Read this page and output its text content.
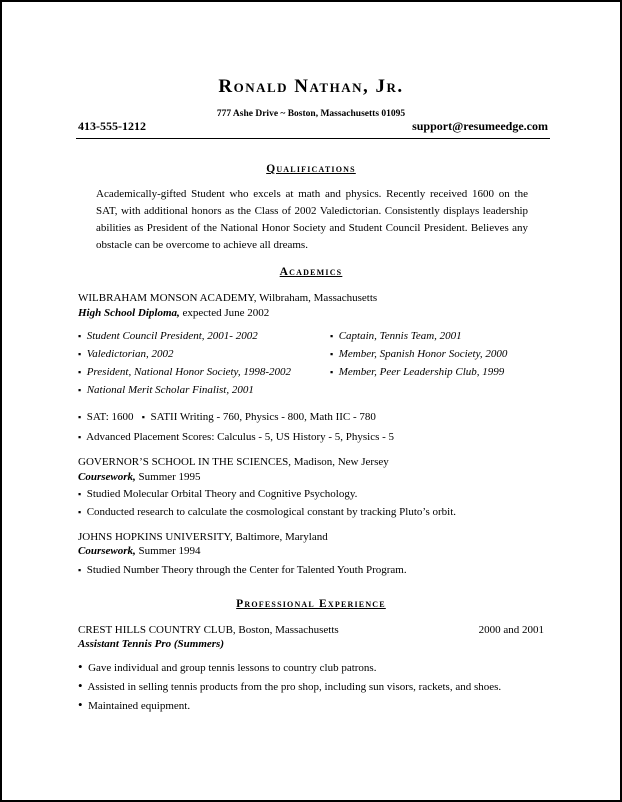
Ronald Nathan, Jr.
777 Ashe Drive ~ Boston, Massachusetts 01095
413-555-1212	support@resumeedge.com
Qualifications
Academically-gifted Student who excels at math and physics. Recently received 1600 on the SAT, with additional honors as the Class of 2002 Valedictorian. Consistently displays leadership abilities as President of the National Honor Society and Student Council President. Believes any obstacle can be overcome to achieve all dreams.
Academics
WILBRAHAM MONSON ACADEMY, Wilbraham, Massachusetts
High School Diploma, expected June 2002
▪ Student Council President, 2001- 2002
▪ Valedictorian, 2002
▪ President, National Honor Society, 1998-2002
▪ National Merit Scholar Finalist, 2001
▪ Captain, Tennis Team, 2001
▪ Member, Spanish Honor Society, 2000
▪ Member, Peer Leadership Club, 1999
▪ SAT: 1600 ▪ SATII Writing - 760, Physics - 800, Math IIC - 780
▪ Advanced Placement Scores: Calculus - 5, US History - 5, Physics - 5
GOVERNOR’S SCHOOL IN THE SCIENCES, Madison, New Jersey
Coursework, Summer 1995
▪ Studied Molecular Orbital Theory and Cognitive Psychology.
▪ Conducted research to calculate the cosmological constant by tracking Pluto’s orbit.
JOHNS HOPKINS UNIVERSITY, Baltimore, Maryland
Coursework, Summer 1994
▪ Studied Number Theory through the Center for Talented Youth Program.
Professional Experience
CREST HILLS COUNTRY CLUB, Boston, Massachusetts	2000 and 2001
Assistant Tennis Pro (Summers)
• Gave individual and group tennis lessons to country club patrons.
• Assisted in selling tennis products from the pro shop, including sun visors, rackets, and shoes.
• Maintained equipment.
